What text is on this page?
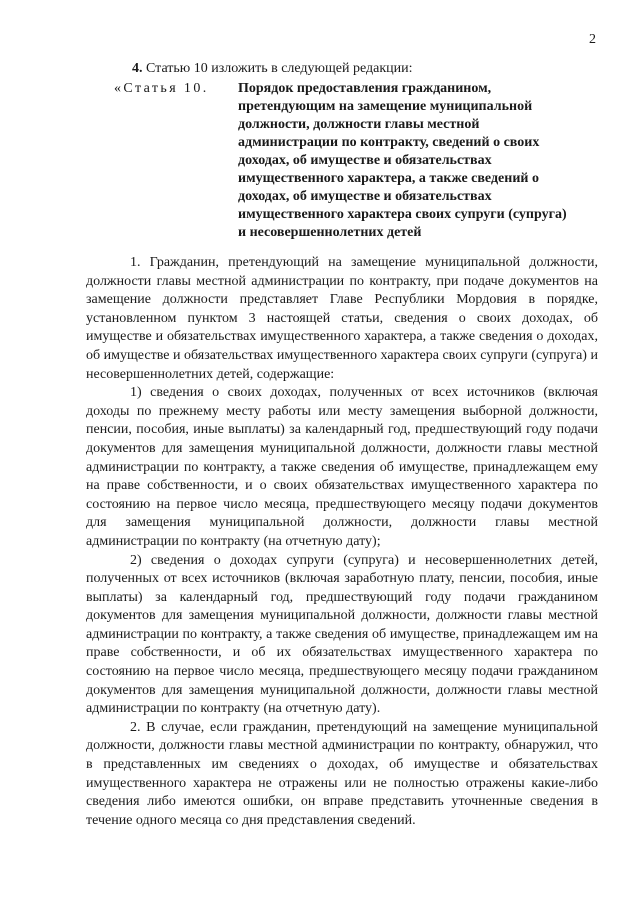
2
4. Статью 10 изложить в следующей редакции:
«Статья 10. Порядок предоставления гражданином, претендующим на замещение муниципальной должности, должности главы местной администрации по контракту, сведений о своих доходах, об имуществе и обязательствах имущественного характера, а также сведений о доходах, об имуществе и обязательствах имущественного характера своих супруги (супруга) и несовершеннолетних детей

1. Гражданин, претендующий на замещение муниципальной должности, должности главы местной администрации по контракту, при подаче документов на замещение должности представляет Главе Республики Мордовия в порядке, установленном пунктом 3 настоящей статьи, сведения о своих доходах, об имуществе и обязательствах имущественного характера, а также сведения о доходах, об имуществе и обязательствах имущественного характера своих супруги (супруга) и несовершеннолетних детей, содержащие:

1) сведения о своих доходах, полученных от всех источников (включая доходы по прежнему месту работы или месту замещения выборной должности, пенсии, пособия, иные выплаты) за календарный год, предшествующий году подачи документов для замещения муниципальной должности, должности главы местной администрации по контракту, а также сведения об имуществе, принадлежащем ему на праве собственности, и о своих обязательствах имущественного характера по состоянию на первое число месяца, предшествующего месяцу подачи документов для замещения муниципальной должности, должности главы местной администрации по контракту (на отчетную дату);

2) сведения о доходах супруги (супруга) и несовершеннолетних детей, полученных от всех источников (включая заработную плату, пенсии, пособия, иные выплаты) за календарный год, предшествующий году подачи гражданином документов для замещения муниципальной должности, должности главы местной администрации по контракту, а также сведения об имуществе, принадлежащем им на праве собственности, и об их обязательствах имущественного характера по состоянию на первое число месяца, предшествующего месяцу подачи гражданином документов для замещения муниципальной должности, должности главы местной администрации по контракту (на отчетную дату).

2. В случае, если гражданин, претендующий на замещение муниципальной должности, должности главы местной администрации по контракту, обнаружил, что в представленных им сведениях о доходах, об имуществе и обязательствах имущественного характера не отражены или не полностью отражены какие-либо сведения либо имеются ошибки, он вправе представить уточненные сведения в течение одного месяца со дня представления сведений.
